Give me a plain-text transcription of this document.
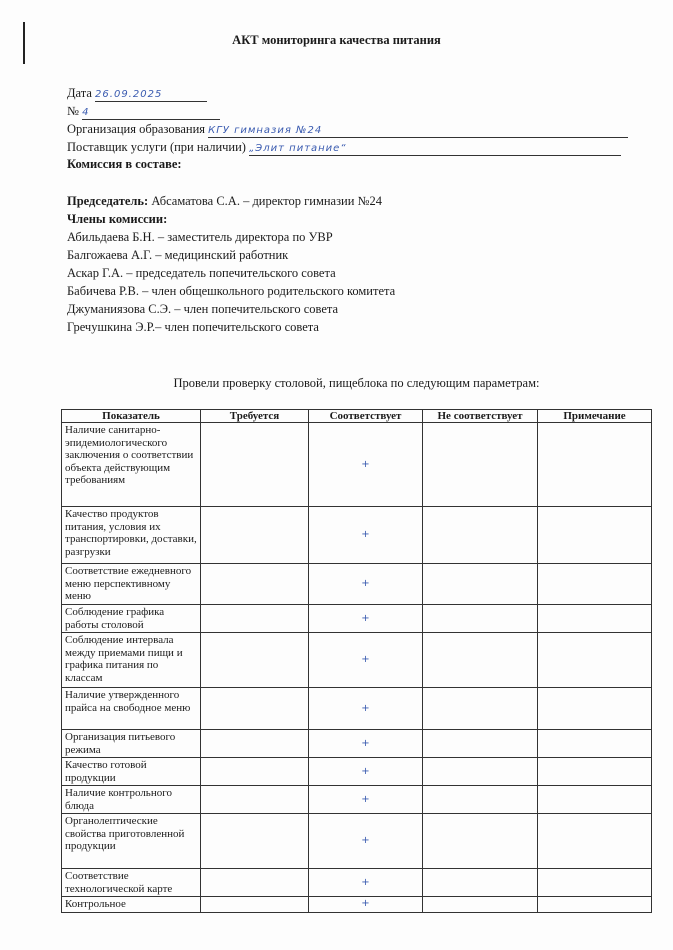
АКТ мониторинга качества питания
Дата 26.09.2025
№ 4
Организация образования КГУ гимназия №24
Поставщик услуги (при наличии) „Элит питание“
Комиссия в составе:
Председатель: Абсаматова С.А. – директор гимназии №24
Члены комиссии:
Абильдаева Б.Н. – заместитель директора по УВР
Балгожаева А.Г. – медицинский работник
Аскар Г.А. – председатель попечительского совета
Бабичева Р.В. – член общешкольного родительского комитета
Джуманиязова С.Э. – член попечительского совета
Гречушкина Э.Р.– член попечительского совета
Провели проверку столовой, пищеблока по следующим параметрам:
Показатель	Требуется	Соответствует	Не соответствует	Примечание
Наличие санитарно-эпидемиологического заключения о соответствии объекта действующим требованиям		+		
Качество продуктов питания, условия их транспортировки, доставки, разгрузки		+		
Соответствие ежедневного меню перспективному меню		+		
Соблюдение графика работы столовой		+		
Соблюдение интервала между приемами пищи и графика питания по классам		+		
Наличие утвержденного прайса на свободное меню		+		
Организация питьевого режима		+		
Качество готовой продукции		+		
Наличие контрольного блюда		+		
Органолептические свойства приготовленной продукции		+		
Соответствие технологической карте		+		
Контрольное		+		
